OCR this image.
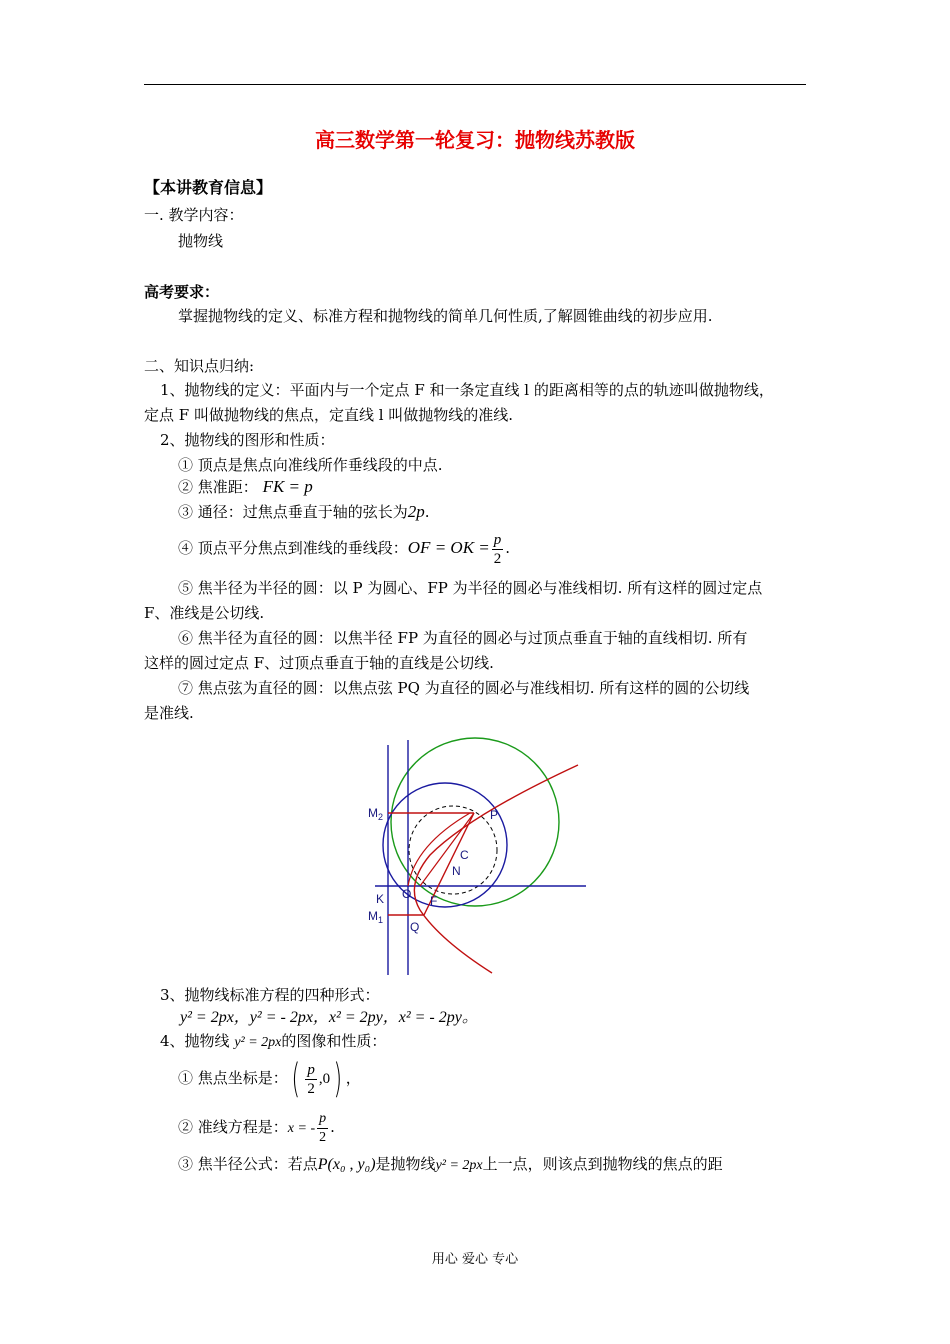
高三数学第一轮复习：抛物线苏教版
【本讲教育信息】
一. 教学内容：
抛物线
高考要求：
掌握抛物线的定义、标准方程和抛物线的简单几何性质,了解圆锥曲线的初步应用.
二、知识点归纳:
1、抛物线的定义：平面内与一个定点 F 和一条定直线 l 的距离相等的点的轨迹叫做抛物线，
定点 F 叫做抛物线的焦点，定直线 l 叫做抛物线的准线.
2、抛物线的图形和性质：
① 顶点是焦点向准线所作垂线段的中点.
② 焦准距： FK = p
③ 通径：过焦点垂直于轴的弦长为2p.
④ 顶点平分焦点到准线的垂线段：OF = OK = $\frac{p}{2}$ .
⑤ 焦半径为半径的圆：以 P 为圆心、FP 为半径的圆必与准线相切. 所有这样的圆过定点
F、准线是公切线.
⑥ 焦半径为直径的圆：以焦半径 FP 为直径的圆必与过顶点垂直于轴的直线相切. 所有
这样的圆过定点 F、过顶点垂直于轴的直线是公切线.
⑦ 焦点弦为直径的圆：以焦点弦 PQ 为直径的圆必与准线相切. 所有这样的圆的公切线
是准线.
$M_2$	P
C
N
K O F
$M_1$ Q
3、抛物线标准方程的四种形式：
y² = 2px，y² = - 2px，x² = 2py，x² = - 2py。
4、抛物线 y² = 2px的图像和性质：
① 焦点坐标是：( $\frac{p}{2} ,0$) ，
② 准线方程是：x = - $\frac{p}{2}$ .
③ 焦半径公式：若点P(x₀ , y₀)是抛物线y² = 2px上一点，则该点到抛物线的焦点的距
用心 爱心 专心
